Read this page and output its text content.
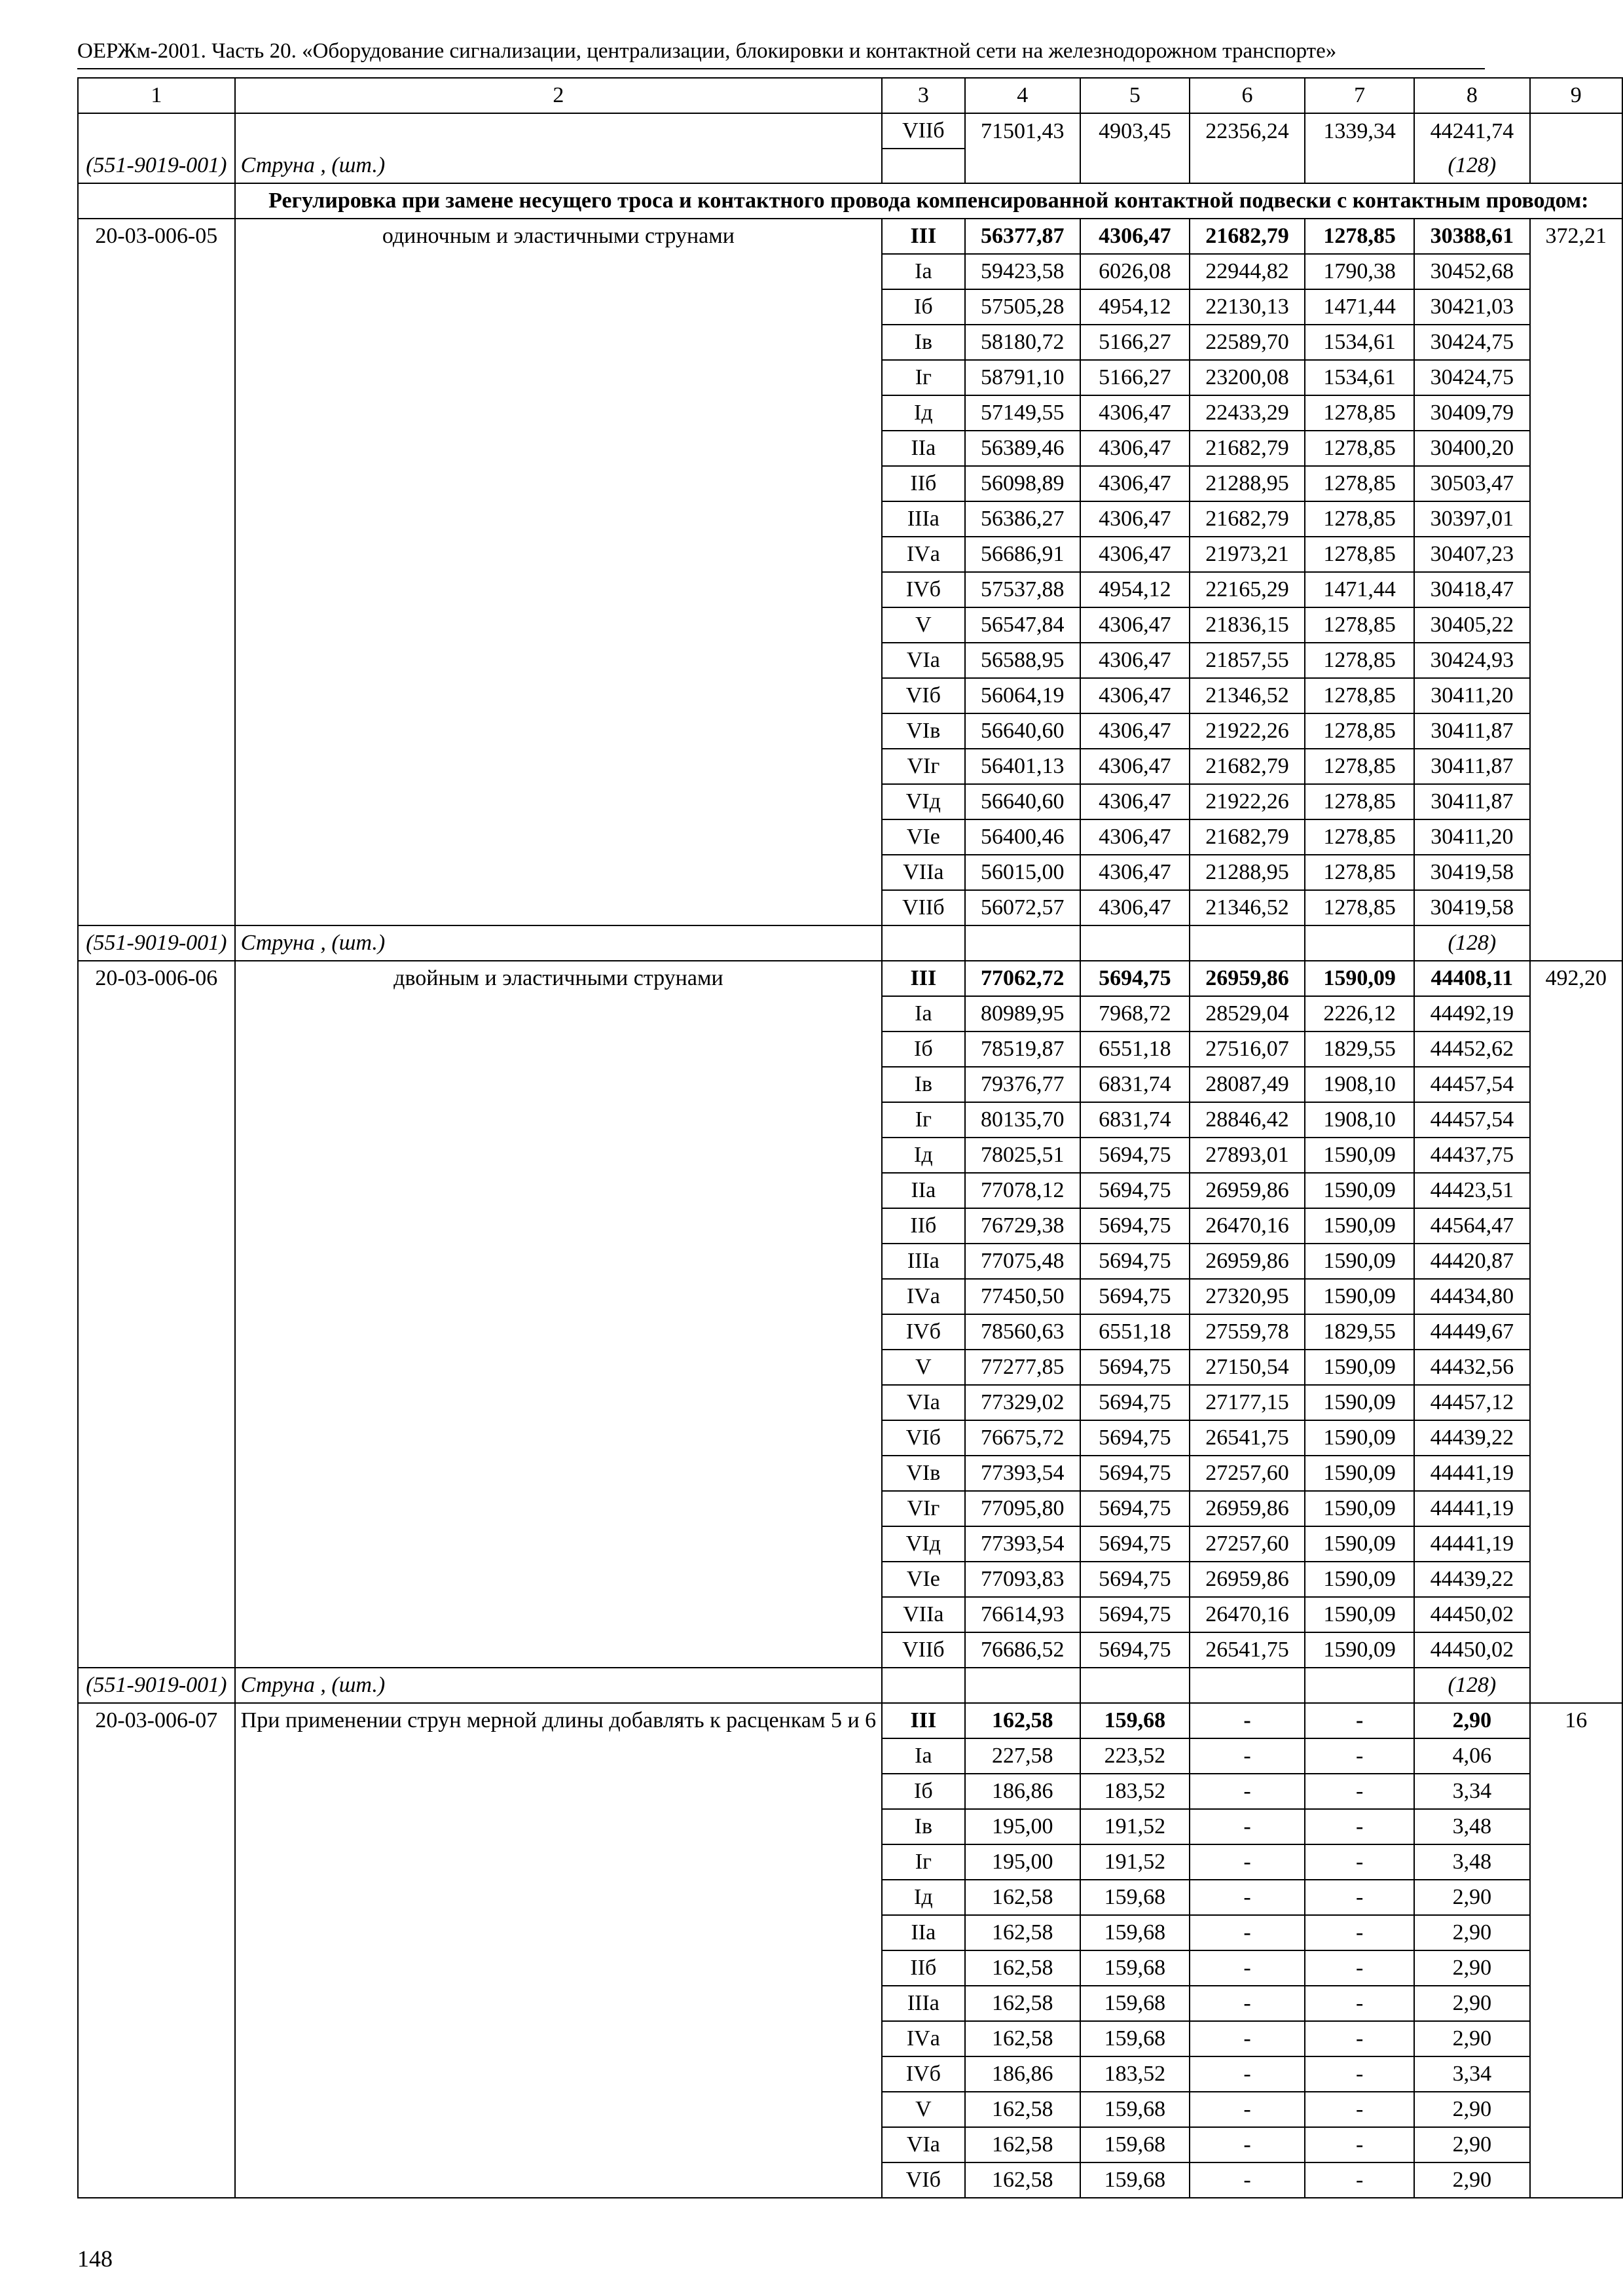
ОЕРЖм-2001. Часть 20. «Оборудование сигнализации, централизации, блокировки и контактной сети на железнодорожном транспорте»
1	2	3	4	5	6	7	8	9
		VIIб	71501,43	4903,45	22356,24	1339,34	44241,74	
(551-9019-001)	Струна , (шт.)						(128)	
	Регулировка при замене несущего троса и контактного провода компенсированной контактной подвески с контактным проводом:							
20-03-006-05	одиночным и эластичными струнами	III	56377,87	4306,47	21682,79	1278,85	30388,61	372,21
		Iа	59423,58	6026,08	22944,82	1790,38	30452,68	
		Iб	57505,28	4954,12	22130,13	1471,44	30421,03	
		Iв	58180,72	5166,27	22589,70	1534,61	30424,75	
		Iг	58791,10	5166,27	23200,08	1534,61	30424,75	
		Iд	57149,55	4306,47	22433,29	1278,85	30409,79	
		IIа	56389,46	4306,47	21682,79	1278,85	30400,20	
		IIб	56098,89	4306,47	21288,95	1278,85	30503,47	
		IIIа	56386,27	4306,47	21682,79	1278,85	30397,01	
		IVа	56686,91	4306,47	21973,21	1278,85	30407,23	
		IVб	57537,88	4954,12	22165,29	1471,44	30418,47	
		V	56547,84	4306,47	21836,15	1278,85	30405,22	
		VIа	56588,95	4306,47	21857,55	1278,85	30424,93	
		VIб	56064,19	4306,47	21346,52	1278,85	30411,20	
		VIв	56640,60	4306,47	21922,26	1278,85	30411,87	
		VIг	56401,13	4306,47	21682,79	1278,85	30411,87	
		VIд	56640,60	4306,47	21922,26	1278,85	30411,87	
		VIе	56400,46	4306,47	21682,79	1278,85	30411,20	
		VIIа	56015,00	4306,47	21288,95	1278,85	30419,58	
		VIIб	56072,57	4306,47	21346,52	1278,85	30419,58	
(551-9019-001)	Струна , (шт.)						(128)	
20-03-006-06	двойным и эластичными струнами	III	77062,72	5694,75	26959,86	1590,09	44408,11	492,20
		Iа	80989,95	7968,72	28529,04	2226,12	44492,19	
		Iб	78519,87	6551,18	27516,07	1829,55	44452,62	
		Iв	79376,77	6831,74	28087,49	1908,10	44457,54	
		Iг	80135,70	6831,74	28846,42	1908,10	44457,54	
		Iд	78025,51	5694,75	27893,01	1590,09	44437,75	
		IIа	77078,12	5694,75	26959,86	1590,09	44423,51	
		IIб	76729,38	5694,75	26470,16	1590,09	44564,47	
		IIIа	77075,48	5694,75	26959,86	1590,09	44420,87	
		IVа	77450,50	5694,75	27320,95	1590,09	44434,80	
		IVб	78560,63	6551,18	27559,78	1829,55	44449,67	
		V	77277,85	5694,75	27150,54	1590,09	44432,56	
		VIа	77329,02	5694,75	27177,15	1590,09	44457,12	
		VIб	76675,72	5694,75	26541,75	1590,09	44439,22	
		VIв	77393,54	5694,75	27257,60	1590,09	44441,19	
		VIг	77095,80	5694,75	26959,86	1590,09	44441,19	
		VIд	77393,54	5694,75	27257,60	1590,09	44441,19	
		VIе	77093,83	5694,75	26959,86	1590,09	44439,22	
		VIIа	76614,93	5694,75	26470,16	1590,09	44450,02	
		VIIб	76686,52	5694,75	26541,75	1590,09	44450,02	
(551-9019-001)	Струна , (шт.)						(128)	
20-03-006-07	При применении струн мерной длины добавлять к расценкам 5 и 6	III	162,58	159,68	-	-	2,90	16
		Iа	227,58	223,52	-	-	4,06	
		Iб	186,86	183,52	-	-	3,34	
		Iв	195,00	191,52	-	-	3,48	
		Iг	195,00	191,52	-	-	3,48	
		Iд	162,58	159,68	-	-	2,90	
		IIа	162,58	159,68	-	-	2,90	
		IIб	162,58	159,68	-	-	2,90	
		IIIа	162,58	159,68	-	-	2,90	
		IVа	162,58	159,68	-	-	2,90	
		IVб	186,86	183,52	-	-	3,34	
		V	162,58	159,68	-	-	2,90	
		VIа	162,58	159,68	-	-	2,90	
		VIб	162,58	159,68	-	-	2,90	
148
